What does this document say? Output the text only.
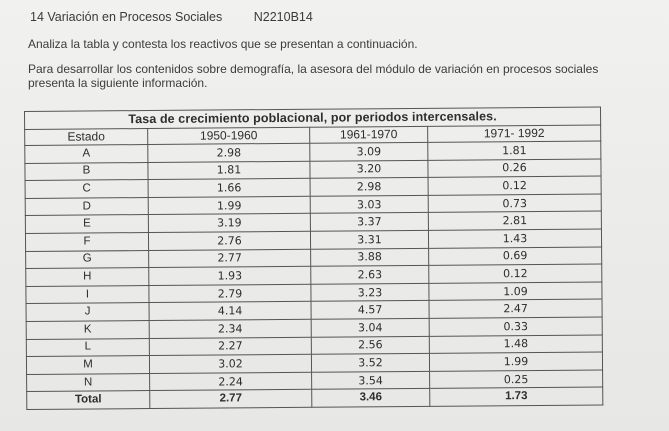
14 Variación en Procesos Sociales	N2210B14
Analiza la tabla y contesta los reactivos que se presentan a continuación.
Para desarrollar los contenidos sobre demografía, la asesora del módulo de variación en procesos sociales presenta la siguiente información.
Tasa de crecimiento poblacional, por periodos intercensales.			
Estado	1950-1960	1961-1970	1971- 1992
A	2.98	3.09	1.81
B	1.81	3.20	0.26
C	1.66	2.98	0.12
D	1.99	3.03	0.73
E	3.19	3.37	2.81
F	2.76	3.31	1.43
G	2.77	3.88	0.69
H	1.93	2.63	0.12
I	2.79	3.23	1.09
J	4.14	4.57	2.47
K	2.34	3.04	0.33
L	2.27	2.56	1.48
M	3.02	3.52	1.99
N	2.24	3.54	0.25
Total	2.77	3.46	1.73
